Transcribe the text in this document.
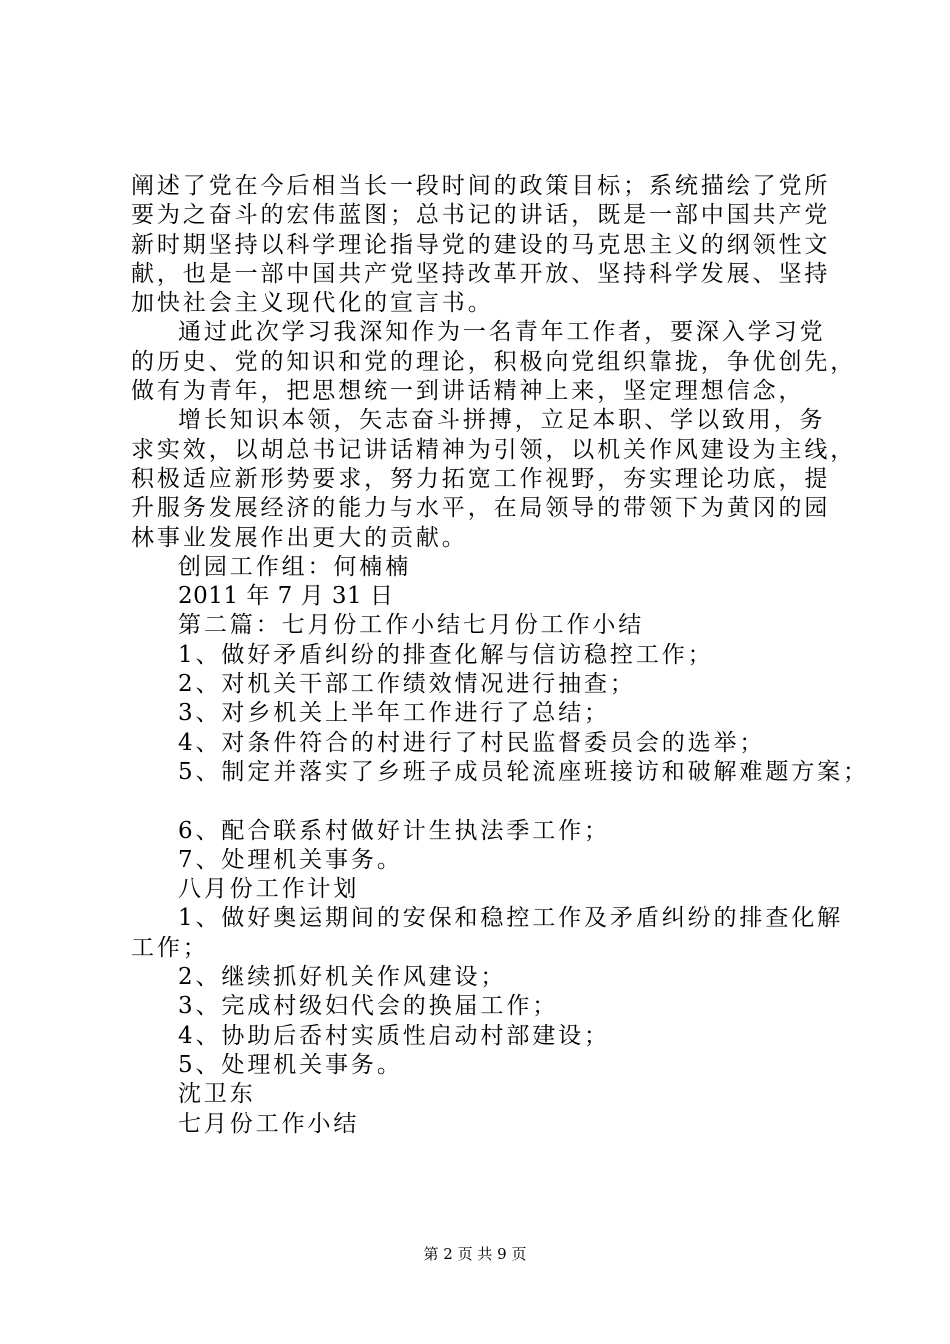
阐述了党在今后相当长一段时间的政策目标；系统描绘了党所
要为之奋斗的宏伟蓝图；总书记的讲话，既是一部中国共产党
新时期坚持以科学理论指导党的建设的马克思主义的纲领性文
献，也是一部中国共产党坚持改革开放、坚持科学发展、坚持
加快社会主义现代化的宣言书。
通过此次学习我深知作为一名青年工作者，要深入学习党
的历史、党的知识和党的理论，积极向党组织靠拢，争优创先，
做有为青年，把思想统一到讲话精神上来，坚定理想信念，
增长知识本领，矢志奋斗拼搏，立足本职、学以致用，务
求实效，以胡总书记讲话精神为引领，以机关作风建设为主线，
积极适应新形势要求，努力拓宽工作视野，夯实理论功底，提
升服务发展经济的能力与水平，在局领导的带领下为黄冈的园
林事业发展作出更大的贡献。
创园工作组：何楠楠
2011 年 7 月 31 日
第二篇：七月份工作小结七月份工作小结
1、做好矛盾纠纷的排查化解与信访稳控工作；
2、对机关干部工作绩效情况进行抽查；
3、对乡机关上半年工作进行了总结；
4、对条件符合的村进行了村民监督委员会的选举；
5、制定并落实了乡班子成员轮流座班接访和破解难题方案；
6、配合联系村做好计生执法季工作；
7、处理机关事务。
八月份工作计划
1、做好奥运期间的安保和稳控工作及矛盾纠纷的排查化解
工作；
2、继续抓好机关作风建设；
3、完成村级妇代会的换届工作；
4、协助后岙村实质性启动村部建设；
5、处理机关事务。
沈卫东
七月份工作小结
第 2 页 共 9 页
